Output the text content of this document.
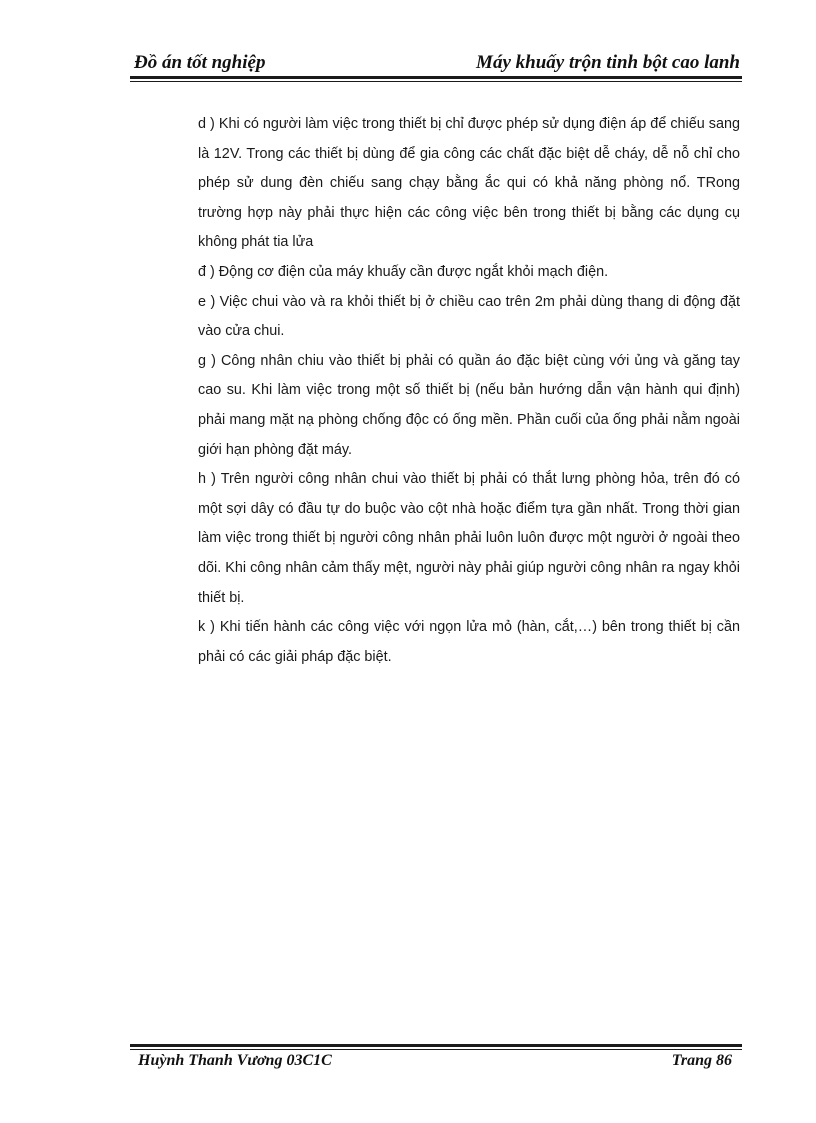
Đồ án tốt nghiệp	Máy khuấy trộn tinh bột cao lanh

d ) Khi có người làm việc trong thiết bị chỉ được phép sử dụng điện áp để chiếu sang là 12V. Trong các thiết bị dùng để gia công các chất đặc biệt dễ cháy, dễ nỗ chỉ cho phép sử dung đèn chiếu sang chạy bằng ắc qui có khả năng phòng nổ. TRong trường hợp này phải thực hiện các công việc bên trong thiết bị bằng các dụng cụ không phát tia lửa

đ ) Động cơ điện của máy khuấy cần được ngắt khỏi mạch điện.

e ) Việc chui vào và ra khỏi thiết bị ở chiều cao trên 2m phải dùng thang di động đặt vào cửa chui.

g ) Công nhân chiu vào thiết bị phải có quần áo đặc biệt cùng với ủng và găng tay cao su. Khi làm việc trong một số thiết bị (nếu bản hướng dẫn vận hành qui định) phải mang mặt nạ phòng chống độc có ống mền. Phần cuối của ống phải nằm ngoài giới hạn phòng đặt máy.

h ) Trên người công nhân chui vào thiết bị phải có thắt lưng phòng hỏa, trên đó có một sợi dây có đầu tự do buộc vào cột nhà hoặc điểm tựa gần nhất. Trong thời gian làm việc trong thiết bị người công nhân phải luôn luôn được một người ở ngoài theo dõi. Khi công nhân cảm thấy mệt, người này phải giúp người công nhân ra ngay khỏi thiết bị.

k ) Khi tiến hành các công việc với ngọn lửa mỏ (hàn, cắt,…) bên trong thiết bị cần phải có các giải pháp đặc biệt.

Huỳnh Thanh Vương 03C1C	Trang 86
